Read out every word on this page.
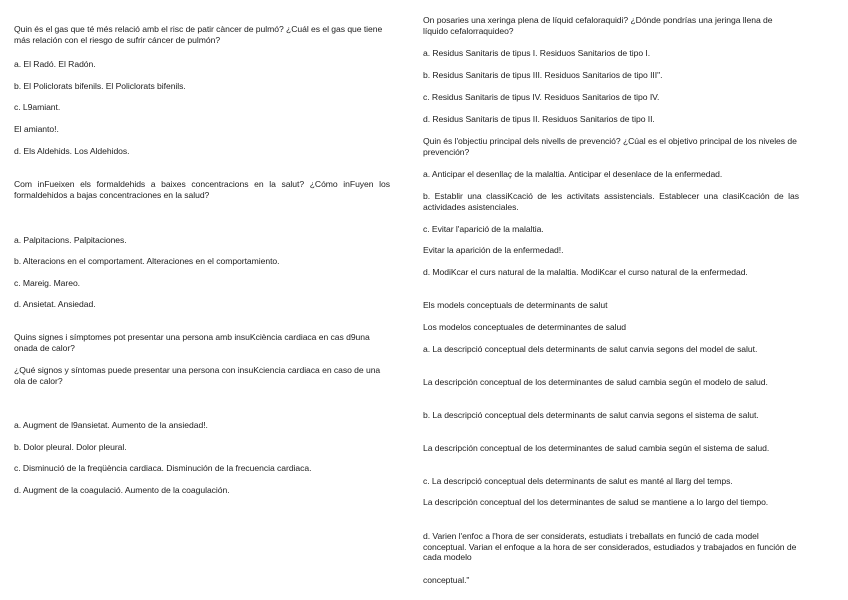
Quin és el gas que té més relació amb el risc de patir càncer de pulmó? ¿Cuál es el gas que tiene más relación con el riesgo de sufrir cáncer de pulmón?

a. El Radó. El Radón.

b. El Policlorats bifenils. El Policlorats bifenils.

c. L9amiant.

El amianto!.

d. Els Aldehids. Los Aldehidos.

Com inFueixen els formaldehids a baixes concentracions en la salut? ¿Cómo inFuyen los formaldehidos a bajas concentraciones en la salud?

a. Palpitacions. Palpitaciones.

b. Alteracions en el comportament. Alteraciones en el comportamiento.

c. Mareig. Mareo.

d. Ansietat. Ansiedad.

Quins signes i símptomes pot presentar una persona amb insuKciència cardiaca en cas d9una onada de calor?

¿Qué signos y síntomas puede presentar una persona con insuKciencia cardiaca en caso de una ola de calor?

a. Augment de l9ansietat. Aumento de la ansiedad!.

b. Dolor pleural. Dolor pleural.

c. Disminució de la freqüència cardiaca. Disminución de la frecuencia cardiaca.

d. Augment de la coagulació. Aumento de la coagulación.

On posaries una xeringa plena de líquid cefaloraquidi? ¿Dónde pondrías una jeringa llena de líquido cefalorraquideo?

a. Residus Sanitaris de tipus I. Residuos Sanitarios de tipo I.

b. Residus Sanitaris de tipus III. Residuos Sanitarios de tipo III".

c. Residus Sanitaris de tipus IV. Residuos Sanitarios de tipo IV.

d. Residus Sanitaris de tipus II. Residuos Sanitarios de tipo II.

Quin és l'objectiu principal dels nivells de prevenció? ¿Cúal es el objetivo principal de los niveles de prevención?

a. Anticipar el desenllaç de la malaltia. Anticipar el desenlace de la enfermedad.

b. Establir una classiKcació de les activitats assistencials. Establecer una clasiKcación de las actividades asistenciales.

c. Evitar l'aparició de la malaltia.

Evitar la aparición de la enfermedad!.

d. ModiKcar el curs natural de la malaltia. ModiKcar el curso natural de la enfermedad.

Els models conceptuals de determinants de salut

Los modelos conceptuales de determinantes de salud

a. La descripció conceptual dels determinants de salut canvia segons del model de salut.

La descripción conceptual de los determinantes de salud cambia según el modelo de salud.

b. La descripció conceptual dels determinants de salut canvia segons el sistema de salut.

La descripción conceptual de los determinantes de salud cambia según el sistema de salud.

c. La descripció conceptual dels determinants de salut es manté al llarg del temps.

La descripción conceptual del los determinantes de salud se mantiene a lo largo del tiempo.

d. Varien l'enfoc a l'hora de ser considerats, estudiats i treballats en funció de cada model conceptual. Varian el enfoque a la hora de ser considerados, estudiados y trabajados en función de cada modelo

conceptual."
